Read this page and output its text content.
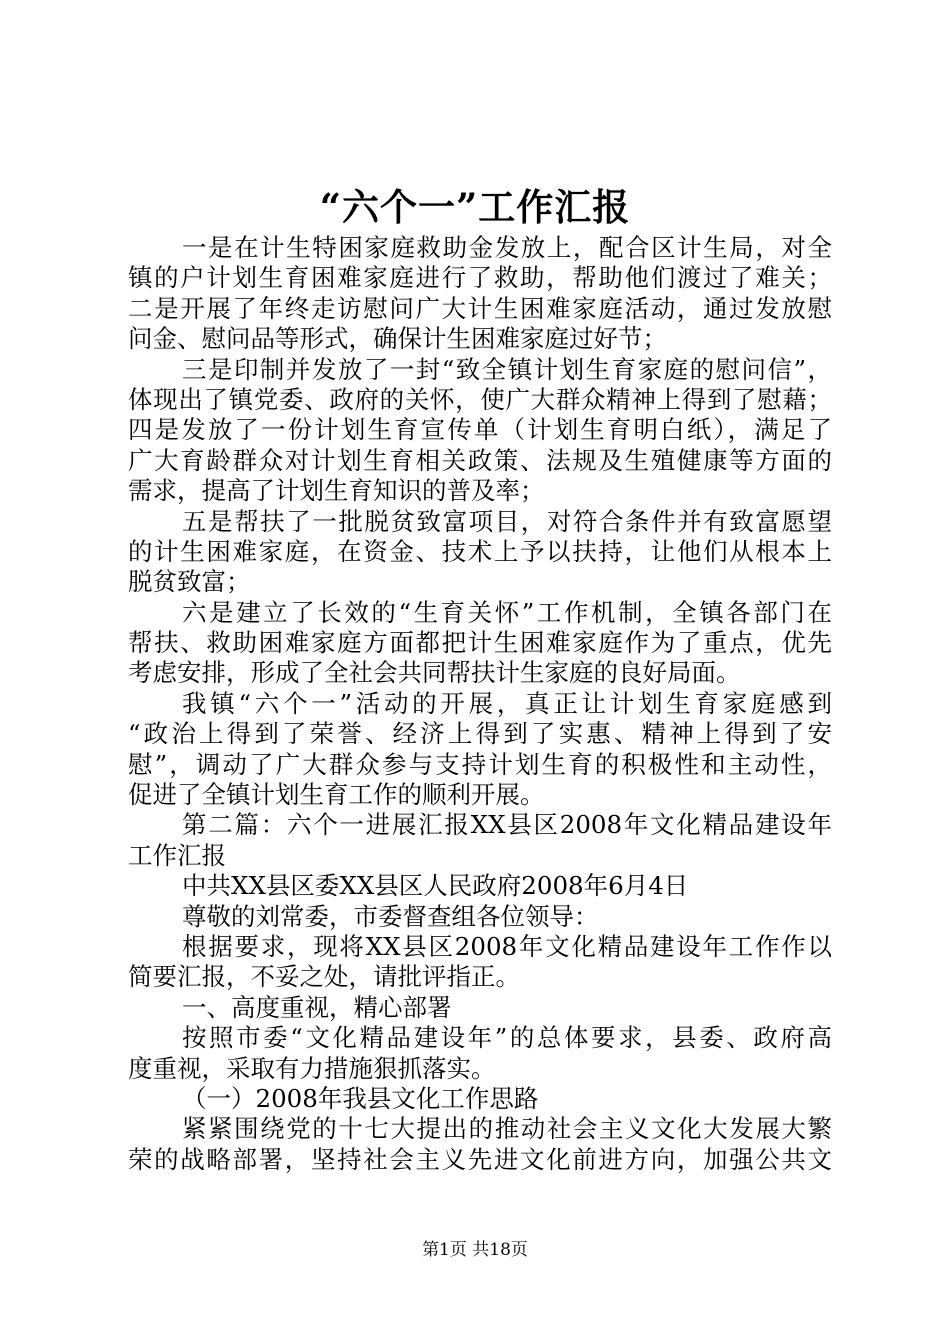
“六个一”工作汇报
一是在计生特困家庭救助金发放上，配合区计生局，对全
镇的户计划生育困难家庭进行了救助，帮助他们渡过了难关；
二是开展了年终走访慰问广大计生困难家庭活动，通过发放慰
问金、慰问品等形式，确保计生困难家庭过好节；
三是印制并发放了一封“致全镇计划生育家庭的慰问信”，
体现出了镇党委、政府的关怀，使广大群众精神上得到了慰藉；
四是发放了一份计划生育宣传单（计划生育明白纸），满足了
广大育龄群众对计划生育相关政策、法规及生殖健康等方面的
需求，提高了计划生育知识的普及率；
五是帮扶了一批脱贫致富项目，对符合条件并有致富愿望
的计生困难家庭，在资金、技术上予以扶持，让他们从根本上
脱贫致富；
六是建立了长效的“生育关怀”工作机制，全镇各部门在
帮扶、救助困难家庭方面都把计生困难家庭作为了重点，优先
考虑安排，形成了全社会共同帮扶计生家庭的良好局面。
我镇“六个一”活动的开展，真正让计划生育家庭感到
“政治上得到了荣誉、经济上得到了实惠、精神上得到了安
慰”，调动了广大群众参与支持计划生育的积极性和主动性，
促进了全镇计划生育工作的顺利开展。
第二篇：六个一进展汇报XX县区2008年文化精品建设年
工作汇报
中共XX县区委XX县区人民政府2008年6月4日
尊敬的刘常委，市委督查组各位领导：
根据要求，现将XX县区2008年文化精品建设年工作作以
简要汇报，不妥之处，请批评指正。
一、高度重视，精心部署
按照市委“文化精品建设年”的总体要求，县委、政府高
度重视，采取有力措施狠抓落实。
（一）2008年我县文化工作思路
紧紧围绕党的十七大提出的推动社会主义文化大发展大繁
荣的战略部署，坚持社会主义先进文化前进方向，加强公共文
第1页 共18页
